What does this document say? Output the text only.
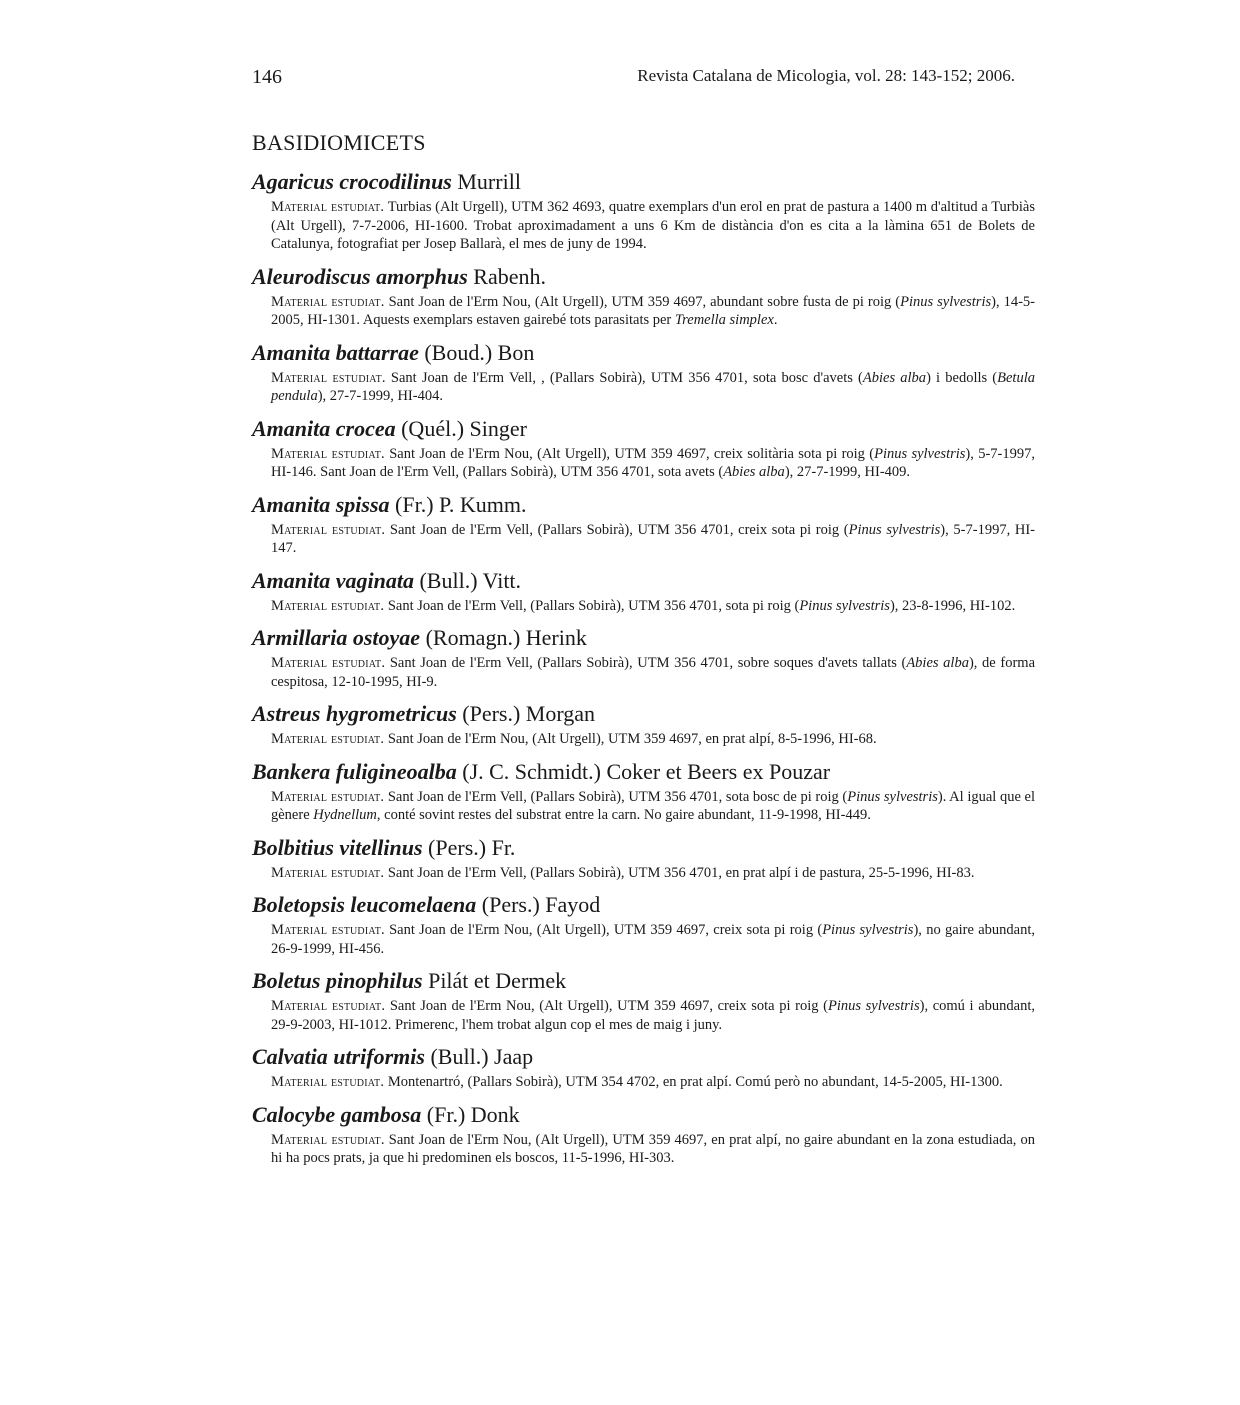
146	Revista Catalana de Micologia, vol. 28: 143-152; 2006.
BASIDIOMICETS
Agaricus crocodilinus Murrill
Material estudiat. Turbias (Alt Urgell), UTM 362 4693, quatre exemplars d'un erol en prat de pastura a 1400 m d'altitud a Turbiàs (Alt Urgell), 7-7-2006, HI-1600. Trobat aproximadament a uns 6 Km de distància d'on es cita a la làmina 651 de Bolets de Catalunya, fotografiat per Josep Ballarà, el mes de juny de 1994.
Aleurodiscus amorphus Rabenh.
Material estudiat. Sant Joan de l'Erm Nou, (Alt Urgell), UTM 359 4697, abundant sobre fusta de pi roig (Pinus sylvestris), 14-5-2005, HI-1301. Aquests exemplars estaven gairebé tots parasitats per Tremella simplex.
Amanita battarrae (Boud.) Bon
Material estudiat. Sant Joan de l'Erm Vell, , (Pallars Sobirà), UTM 356 4701, sota bosc d'avets (Abies alba) i bedolls (Betula pendula), 27-7-1999, HI-404.
Amanita crocea (Quél.) Singer
Material estudiat. Sant Joan de l'Erm Nou, (Alt Urgell), UTM 359 4697, creix solitària sota pi roig (Pinus sylvestris), 5-7-1997, HI-146. Sant Joan de l'Erm Vell, (Pallars Sobirà), UTM 356 4701, sota avets (Abies alba), 27-7-1999, HI-409.
Amanita spissa (Fr.) P. Kumm.
Material estudiat. Sant Joan de l'Erm Vell, (Pallars Sobirà), UTM 356 4701, creix sota pi roig (Pinus sylvestris), 5-7-1997, HI-147.
Amanita vaginata (Bull.) Vitt.
Material estudiat. Sant Joan de l'Erm Vell, (Pallars Sobirà), UTM 356 4701, sota pi roig (Pinus sylvestris), 23-8-1996, HI-102.
Armillaria ostoyae (Romagn.) Herink
Material estudiat. Sant Joan de l'Erm Vell, (Pallars Sobirà), UTM 356 4701, sobre soques d'avets tallats (Abies alba), de forma cespitosa, 12-10-1995, HI-9.
Astreus hygrometricus (Pers.) Morgan
Material estudiat. Sant Joan de l'Erm Nou, (Alt Urgell), UTM 359 4697, en prat alpí, 8-5-1996, HI-68.
Bankera fuligineoalba (J. C. Schmidt.) Coker et Beers ex Pouzar
Material estudiat. Sant Joan de l'Erm Vell, (Pallars Sobirà), UTM 356 4701, sota bosc de pi roig (Pinus sylvestris). Al igual que el gènere Hydnellum, conté sovint restes del substrat entre la carn. No gaire abundant, 11-9-1998, HI-449.
Bolbitius vitellinus (Pers.) Fr.
Material estudiat. Sant Joan de l'Erm Vell, (Pallars Sobirà), UTM 356 4701, en prat alpí i de pastura, 25-5-1996, HI-83.
Boletopsis leucomelaena (Pers.) Fayod
Material estudiat. Sant Joan de l'Erm Nou, (Alt Urgell), UTM 359 4697, creix sota pi roig (Pinus sylvestris), no gaire abundant, 26-9-1999, HI-456.
Boletus pinophilus Pilát et Dermek
Material estudiat. Sant Joan de l'Erm Nou, (Alt Urgell), UTM 359 4697, creix sota pi roig (Pinus sylvestris), comú i abundant, 29-9-2003, HI-1012. Primerenc, l'hem trobat algun cop el mes de maig i juny.
Calvatia utriformis (Bull.) Jaap
Material estudiat. Montenartró, (Pallars Sobirà), UTM 354 4702, en prat alpí. Comú però no abundant, 14-5-2005, HI-1300.
Calocybe gambosa (Fr.) Donk
Material estudiat. Sant Joan de l'Erm Nou, (Alt Urgell), UTM 359 4697, en prat alpí, no gaire abundant en la zona estudiada, on hi ha pocs prats, ja que hi predominen els boscos, 11-5-1996, HI-303.
